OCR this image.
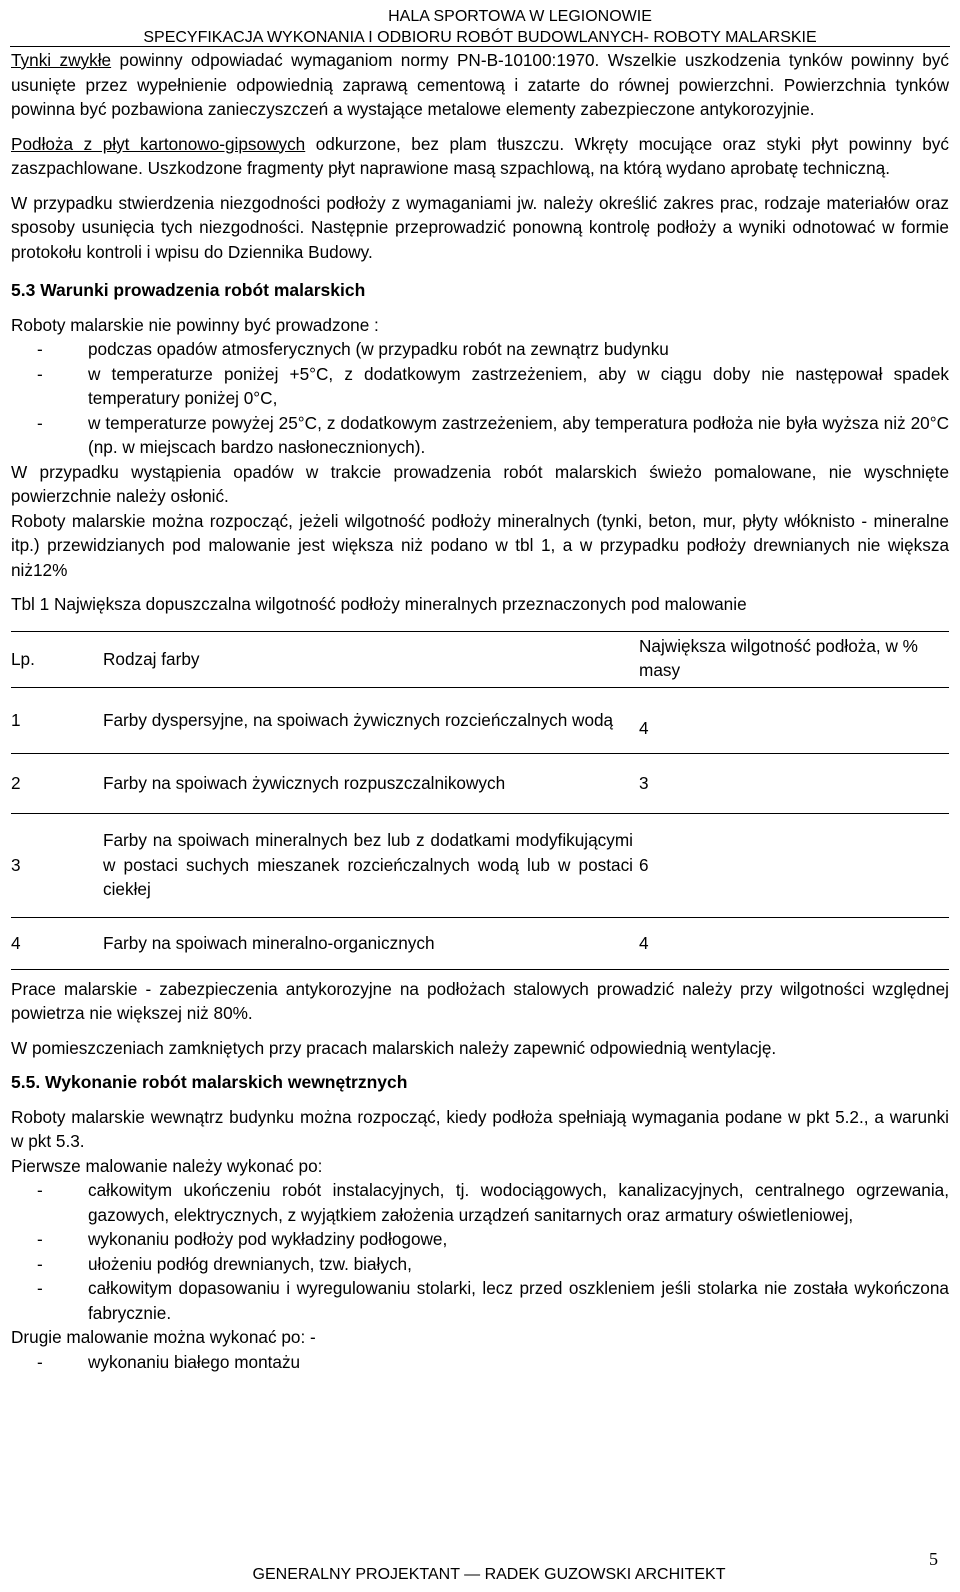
HALA SPORTOWA W LEGIONOWIE
SPECYFIKACJA WYKONANIA I ODBIORU ROBÓT BUDOWLANYCH- ROBOTY MALARSKIE

Tynki zwykłe powinny odpowiadać wymaganiom normy PN-B-10100:1970. Wszelkie uszkodzenia tynków powinny być usunięte przez wypełnienie odpowiednią zaprawą cementową i zatarte do równej powierzchni. Powierzchnia tynków powinna być pozbawiona zanieczyszczeń a wystające metalowe elementy zabezpieczone antykorozyjnie.

Podłoża z płyt kartonowo-gipsowych odkurzone, bez plam tłuszczu. Wkręty mocujące oraz styki płyt powinny być zaszpachlowane. Uszkodzone fragmenty płyt naprawione masą szpachlową, na którą wydano aprobatę techniczną.

W przypadku stwierdzenia niezgodności podłoży z wymaganiami jw. należy określić zakres prac, rodzaje materiałów oraz sposoby usunięcia tych niezgodności. Następnie przeprowadzić ponowną kontrolę podłoży a wyniki odnotować w formie protokołu kontroli i wpisu do Dziennika Budowy.

5.3 Warunki prowadzenia robót malarskich

Roboty malarskie nie powinny być prowadzone :

-	podczas opadów atmosferycznych (w przypadku robót na zewnątrz budynku
-	w temperaturze poniżej +5°C, z dodatkowym zastrzeżeniem, aby w ciągu doby nie następował spadek temperatury poniżej 0°C,
-	w temperaturze powyżej 25°C, z dodatkowym zastrzeżeniem, aby temperatura podłoża nie była wyższa niż 20°C (np. w miejscach bardzo nasłonecznionych).

W przypadku wystąpienia opadów w trakcie prowadzenia robót malarskich świeżo pomalowane, nie wyschnięte powierzchnie należy osłonić.

Roboty malarskie można rozpocząć, jeżeli wilgotność podłoży mineralnych (tynki, beton, mur, płyty włóknisto - mineralne itp.) przewidzianych pod malowanie jest większa niż podano w tbl 1, a w przypadku podłoży drewnianych nie większa niż12%

Tbl 1 Największa dopuszczalna wilgotność podłoży mineralnych przeznaczonych pod malowanie

Lp.	Rodzaj farby	Największa wilgotność podłoża, w % masy
1	Farby dyspersyjne, na spoiwach żywicznych rozcieńczalnych wodą	4
2	Farby na spoiwach żywicznych rozpuszczalnikowych	3
3	Farby na spoiwach mineralnych bez lub z dodatkami modyfikującymi w postaci suchych mieszanek rozcieńczalnych wodą lub w postaci ciekłej	6
4	Farby na spoiwach mineralno-organicznych	4

Prace malarskie - zabezpieczenia antykorozyjne na podłożach stalowych prowadzić należy przy wilgotności względnej powietrza nie większej niż 80%.

W pomieszczeniach zamkniętych przy pracach malarskich należy zapewnić odpowiednią wentylację.

5.5. Wykonanie robót malarskich wewnętrznych

Roboty malarskie wewnątrz budynku można rozpocząć, kiedy podłoża spełniają wymagania podane w pkt 5.2., a warunki w pkt 5.3.

Pierwsze malowanie należy wykonać po:

-	całkowitym ukończeniu robót instalacyjnych, tj. wodociągowych, kanalizacyjnych, centralnego ogrzewania, gazowych, elektrycznych, z wyjątkiem założenia urządzeń sanitarnych oraz armatury oświetleniowej,
-	wykonaniu podłoży pod wykładziny podłogowe,
-	ułożeniu podłóg drewnianych, tzw. białych,
-	całkowitym dopasowaniu i wyregulowaniu stolarki, lecz przed oszkleniem jeśli stolarka nie została wykończona fabrycznie.

Drugie malowanie można wykonać po: -

-	wykonaniu białego montażu
5
GENERALNY PROJEKTANT — RADEK GUZOWSKI ARCHITEKT
